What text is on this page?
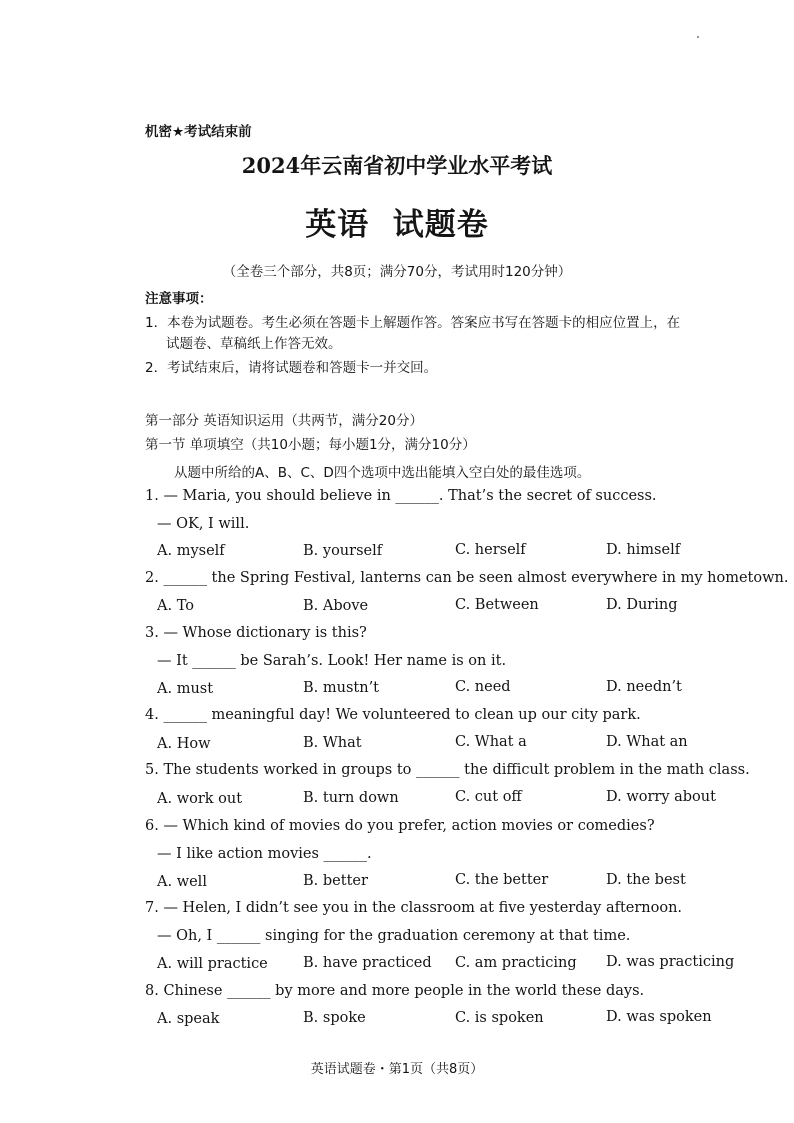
机密★考试结束前
2024年云南省初中学业水平考试
英语  试题卷
（全卷三个部分，共8页；满分70分，考试用时120分钟）
注意事项：
1．本卷为试题卷。考生必须在答题卡上解题作答。答案应书写在答题卡的相应位置上，在
试题卷、草稿纸上作答无效。
2．考试结束后，请将试题卷和答题卡一并交回。
第一部分 英语知识运用（共两节，满分20分）
第一节 单项填空（共10小题；每小题1分，满分10分）
从题中所给的A、B、C、D四个选项中选出能填入空白处的最佳选项。
1. — Maria, you should believe in ______. That’s the secret of success.
— OK, I will.
A. myself	B. yourself	C. herself	D. himself
2. ______ the Spring Festival, lanterns can be seen almost everywhere in my hometown.
A. To	B. Above	C. Between	D. During
3. — Whose dictionary is this?
— It ______ be Sarah’s. Look! Her name is on it.
A. must	B. mustn’t	C. need	D. needn’t
4. ______ meaningful day! We volunteered to clean up our city park.
A. How	B. What	C. What a	D. What an
5. The students worked in groups to ______ the difficult problem in the math class.
A. work out	B. turn down	C. cut off	D. worry about
6. — Which kind of movies do you prefer, action movies or comedies?
— I like action movies ______.
A. well	B. better	C. the better	D. the best
7. — Helen, I didn’t see you in the classroom at five yesterday afternoon.
— Oh, I ______ singing for the graduation ceremony at that time.
A. will practice B. have practiced C. am practicing D. was practicing
8. Chinese ______ by more and more people in the world these days.
A. speak	B. spoke	C. is spoken	D. was spoken
英语试题卷・第1页（共8页）
